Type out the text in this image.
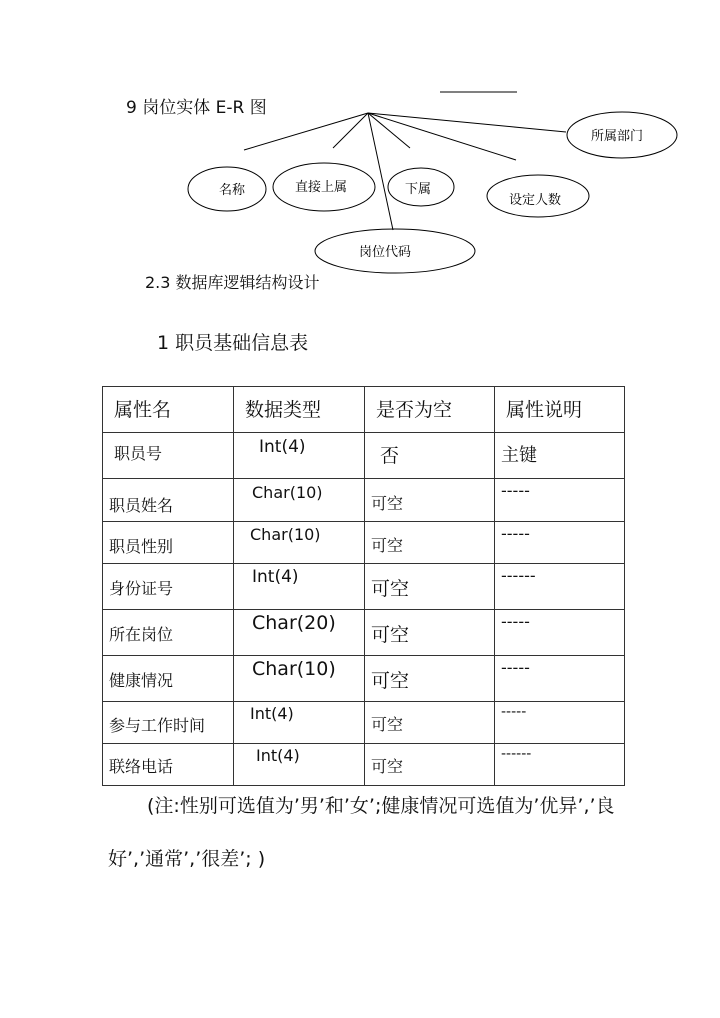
名称	直接上属	下属
设定人数
所属部门
岗位代码
9 岗位实体 E-R 图
2.3 数据库逻辑结构设计
1 职员基础信息表
属性名	数据类型	是否为空	属性说明
职员号	Int(4)	否	主键
职员姓名	Char(10)	可空	-----
职员性别	Char(10)	可空	-----
身份证号	Int(4)	可空	------
所在岗位	Char(20)	可空	-----
健康情况	Char(10)	可空	-----
参与工作时间	Int(4)	可空	-----
联络电话	Int(4)	可空	------
(注:性别可选值为’男’和’女’;健康情况可选值为’优异’,’良
好’,’通常’,’很差’; )
